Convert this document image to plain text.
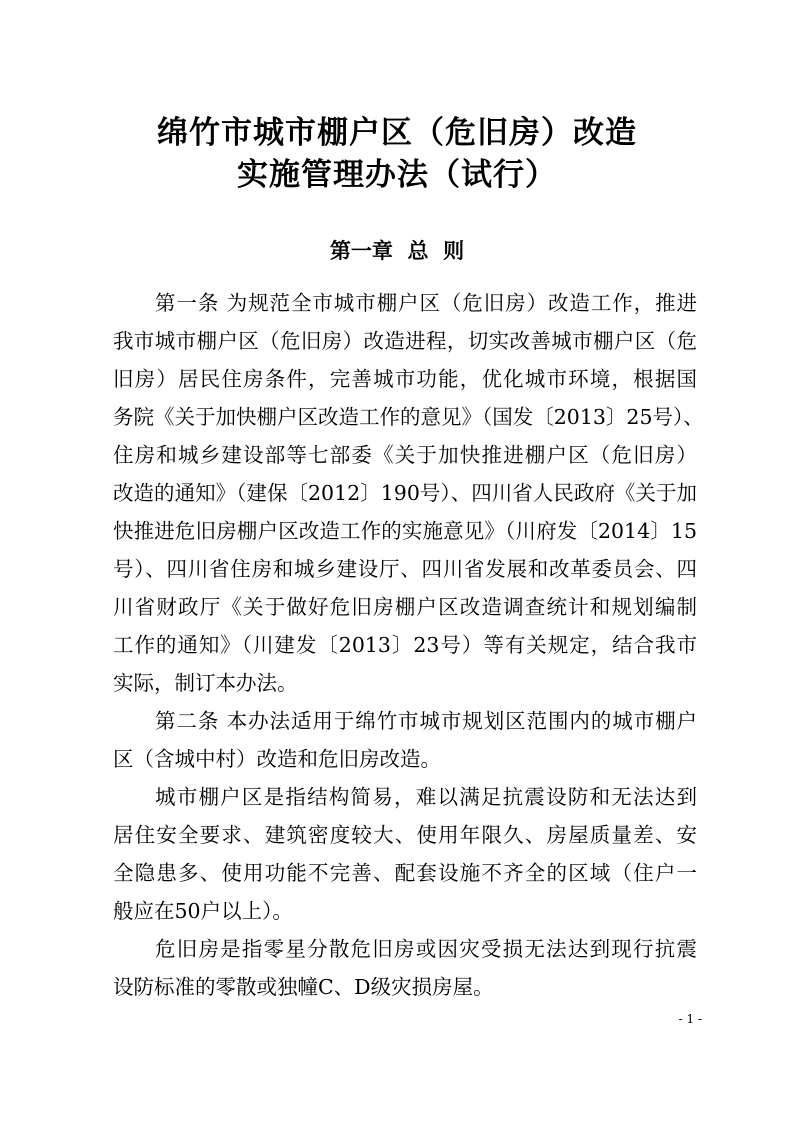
绵竹市城市棚户区（危旧房）改造
实施管理办法（试行）
第一章  总  则
第一条 为规范全市城市棚户区（危旧房）改造工作，推进
我市城市棚户区（危旧房）改造进程，切实改善城市棚户区（危
旧房）居民住房条件，完善城市功能，优化城市环境，根据国
务院《关于加快棚户区改造工作的意见》（国发〔2013〕25号）、
住房和城乡建设部等七部委《关于加快推进棚户区（危旧房）
改造的通知》（建保〔2012〕190号）、四川省人民政府《关于加
快推进危旧房棚户区改造工作的实施意见》（川府发〔2014〕15
号）、四川省住房和城乡建设厅、四川省发展和改革委员会、四
川省财政厅《关于做好危旧房棚户区改造调查统计和规划编制
工作的通知》（川建发〔2013〕23号）等有关规定，结合我市
实际，制订本办法。
第二条 本办法适用于绵竹市城市规划区范围内的城市棚户
区（含城中村）改造和危旧房改造。
城市棚户区是指结构简易，难以满足抗震设防和无法达到
居住安全要求、建筑密度较大、使用年限久、房屋质量差、安
全隐患多、使用功能不完善、配套设施不齐全的区域（住户一
般应在50户以上）。
危旧房是指零星分散危旧房或因灾受损无法达到现行抗震
设防标准的零散或独幢C、D级灾损房屋。
- 1 -
